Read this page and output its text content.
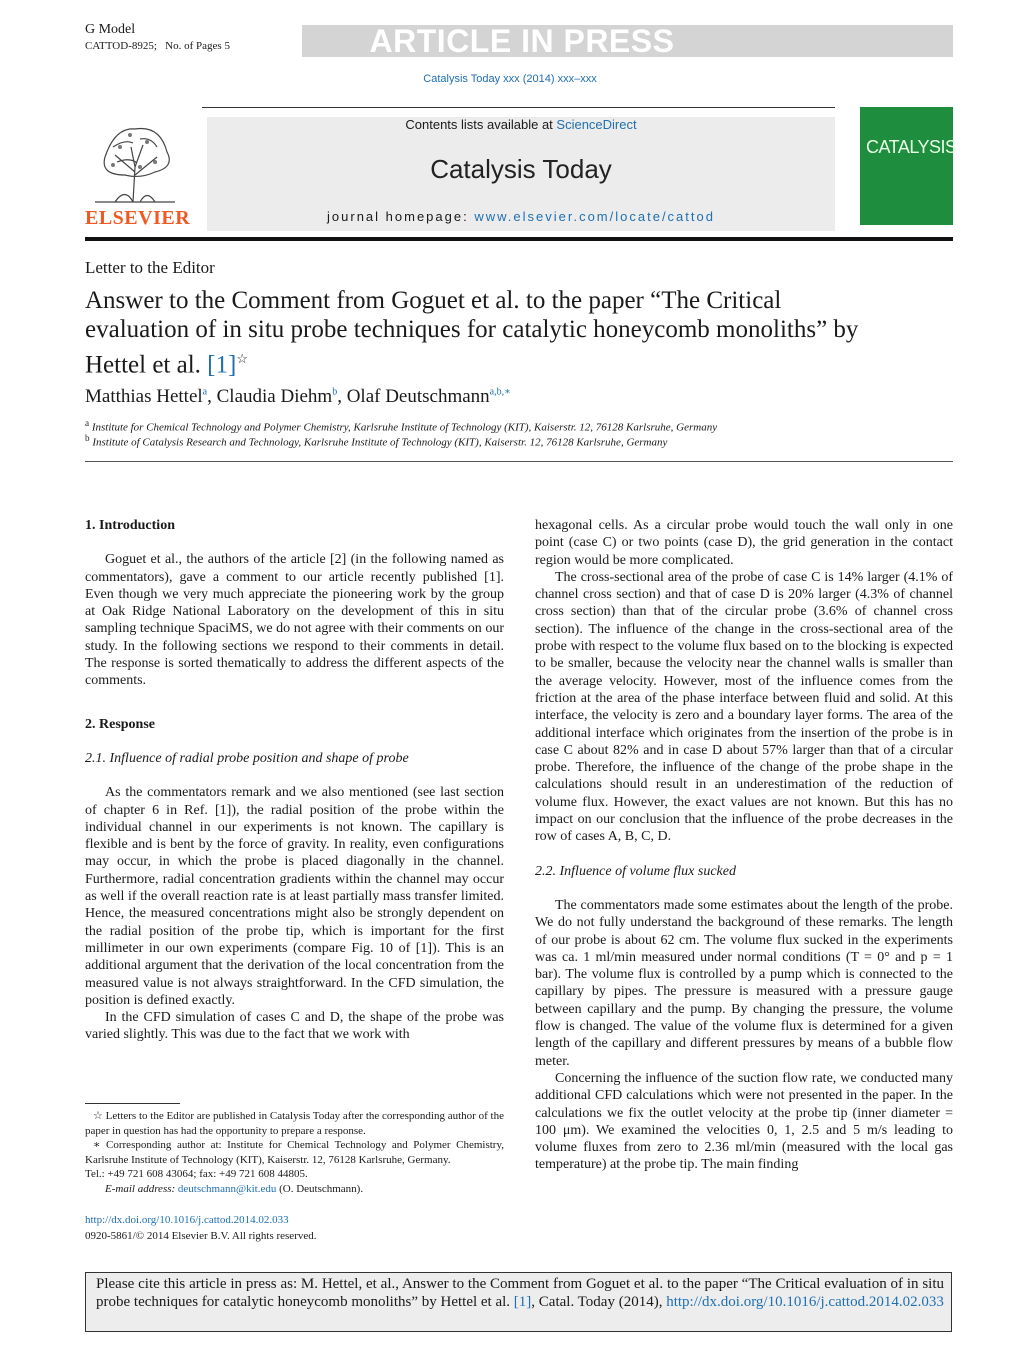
G Model
CATTOD-8925; No. of Pages 5	ARTICLE IN PRESS
Catalysis Today xxx (2014) xxx–xxx
ELSEVIER
Contents lists available at ScienceDirect
Catalysis Today
journal homepage: www.elsevier.com/locate/cattod
CATALYSIS
Letter to the Editor
Answer to the Comment from Goguet et al. to the paper “The Critical evaluation of in situ probe techniques for catalytic honeycomb monoliths” by Hettel et al. [1]☆
Matthias Hettel$^a$, Claudia Diehm$^b$, Olaf Deutschmann$^{a,b,∗}$
$^a$ Institute for Chemical Technology and Polymer Chemistry, Karlsruhe Institute of Technology (KIT), Kaiserstr. 12, 76128 Karlsruhe, Germany
$^b$ Institute of Catalysis Research and Technology, Karlsruhe Institute of Technology (KIT), Kaiserstr. 12, 76128 Karlsruhe, Germany

1. Introduction

Goguet et al., the authors of the article [2] (in the following named as commentators), gave a comment to our article recently published [1]. Even though we very much appreciate the pioneering work by the group at Oak Ridge National Laboratory on the development of this in situ sampling technique SpaciMS, we do not agree with their comments on our study. In the following sections we respond to their comments in detail. The response is sorted thematically to address the different aspects of the comments.

2. Response

2.1. Influence of radial probe position and shape of probe

As the commentators remark and we also mentioned (see last section of chapter 6 in Ref. [1]), the radial position of the probe within the individual channel in our experiments is not known. The capillary is flexible and is bent by the force of gravity. In reality, even configurations may occur, in which the probe is placed diagonally in the channel. Furthermore, radial concentration gradients within the channel may occur as well if the overall reaction rate is at least partially mass transfer limited. Hence, the measured concentrations might also be strongly dependent on the radial position of the probe tip, which is important for the first millimeter in our own experiments (compare Fig. 10 of [1]). This is an additional argument that the derivation of the local concentration from the measured value is not always straightforward. In the CFD simulation, the position is defined exactly.

In the CFD simulation of cases C and D, the shape of the probe was varied slightly. This was due to the fact that we work with

hexagonal cells. As a circular probe would touch the wall only in one point (case C) or two points (case D), the grid generation in the contact region would be more complicated.

The cross-sectional area of the probe of case C is 14% larger (4.1% of channel cross section) and that of case D is 20% larger (4.3% of channel cross section) than that of the circular probe (3.6% of channel cross section). The influence of the change in the cross-sectional area of the probe with respect to the volume flux based on to the blocking is expected to be smaller, because the velocity near the channel walls is smaller than the average velocity. However, most of the influence comes from the friction at the area of the phase interface between fluid and solid. At this interface, the velocity is zero and a boundary layer forms. The area of the additional interface which originates from the insertion of the probe is in case C about 82% and in case D about 57% larger than that of a circular probe. Therefore, the influence of the change of the probe shape in the calculations should result in an underestimation of the reduction of volume flux. However, the exact values are not known. But this has no impact on our conclusion that the influence of the probe decreases in the row of cases A, B, C, D.

2.2. Influence of volume flux sucked

The commentators made some estimates about the length of the probe. We do not fully understand the background of these remarks. The length of our probe is about 62 cm. The volume flux sucked in the experiments was ca. 1 ml/min measured under normal conditions (T = 0° and p = 1 bar). The volume flux is controlled by a pump which is connected to the capillary by pipes. The pressure is measured with a pressure gauge between capillary and the pump. By changing the pressure, the volume flow is changed. The value of the volume flux is determined for a given length of the capillary and different pressures by means of a bubble flow meter.

Concerning the influence of the suction flow rate, we conducted many additional CFD calculations which were not presented in the paper. In the calculations we fix the outlet velocity at the probe tip (inner diameter = 100 μm). We examined the velocities 0, 1, 2.5 and 5 m/s leading to volume fluxes from zero to 2.36 ml/min (measured with the local gas temperature) at the probe tip. The main finding

☆ Letters to the Editor are published in Catalysis Today after the corresponding author of the paper in question has had the opportunity to prepare a response.
∗ Corresponding author at: Institute for Chemical Technology and Polymer Chemistry, Karlsruhe Institute of Technology (KIT), Kaiserstr. 12, 76128 Karlsruhe, Germany.
Tel.: +49 721 608 43064; fax: +49 721 608 44805.
E-mail address: deutschmann@kit.edu (O. Deutschmann).
http://dx.doi.org/10.1016/j.cattod.2014.02.033
0920-5861/© 2014 Elsevier B.V. All rights reserved.
Please cite this article in press as: M. Hettel, et al., Answer to the Comment from Goguet et al. to the paper “The Critical evaluation of in situ probe techniques for catalytic honeycomb monoliths” by Hettel et al. [1], Catal. Today (2014), http://dx.doi.org/10.1016/j.cattod.2014.02.033
